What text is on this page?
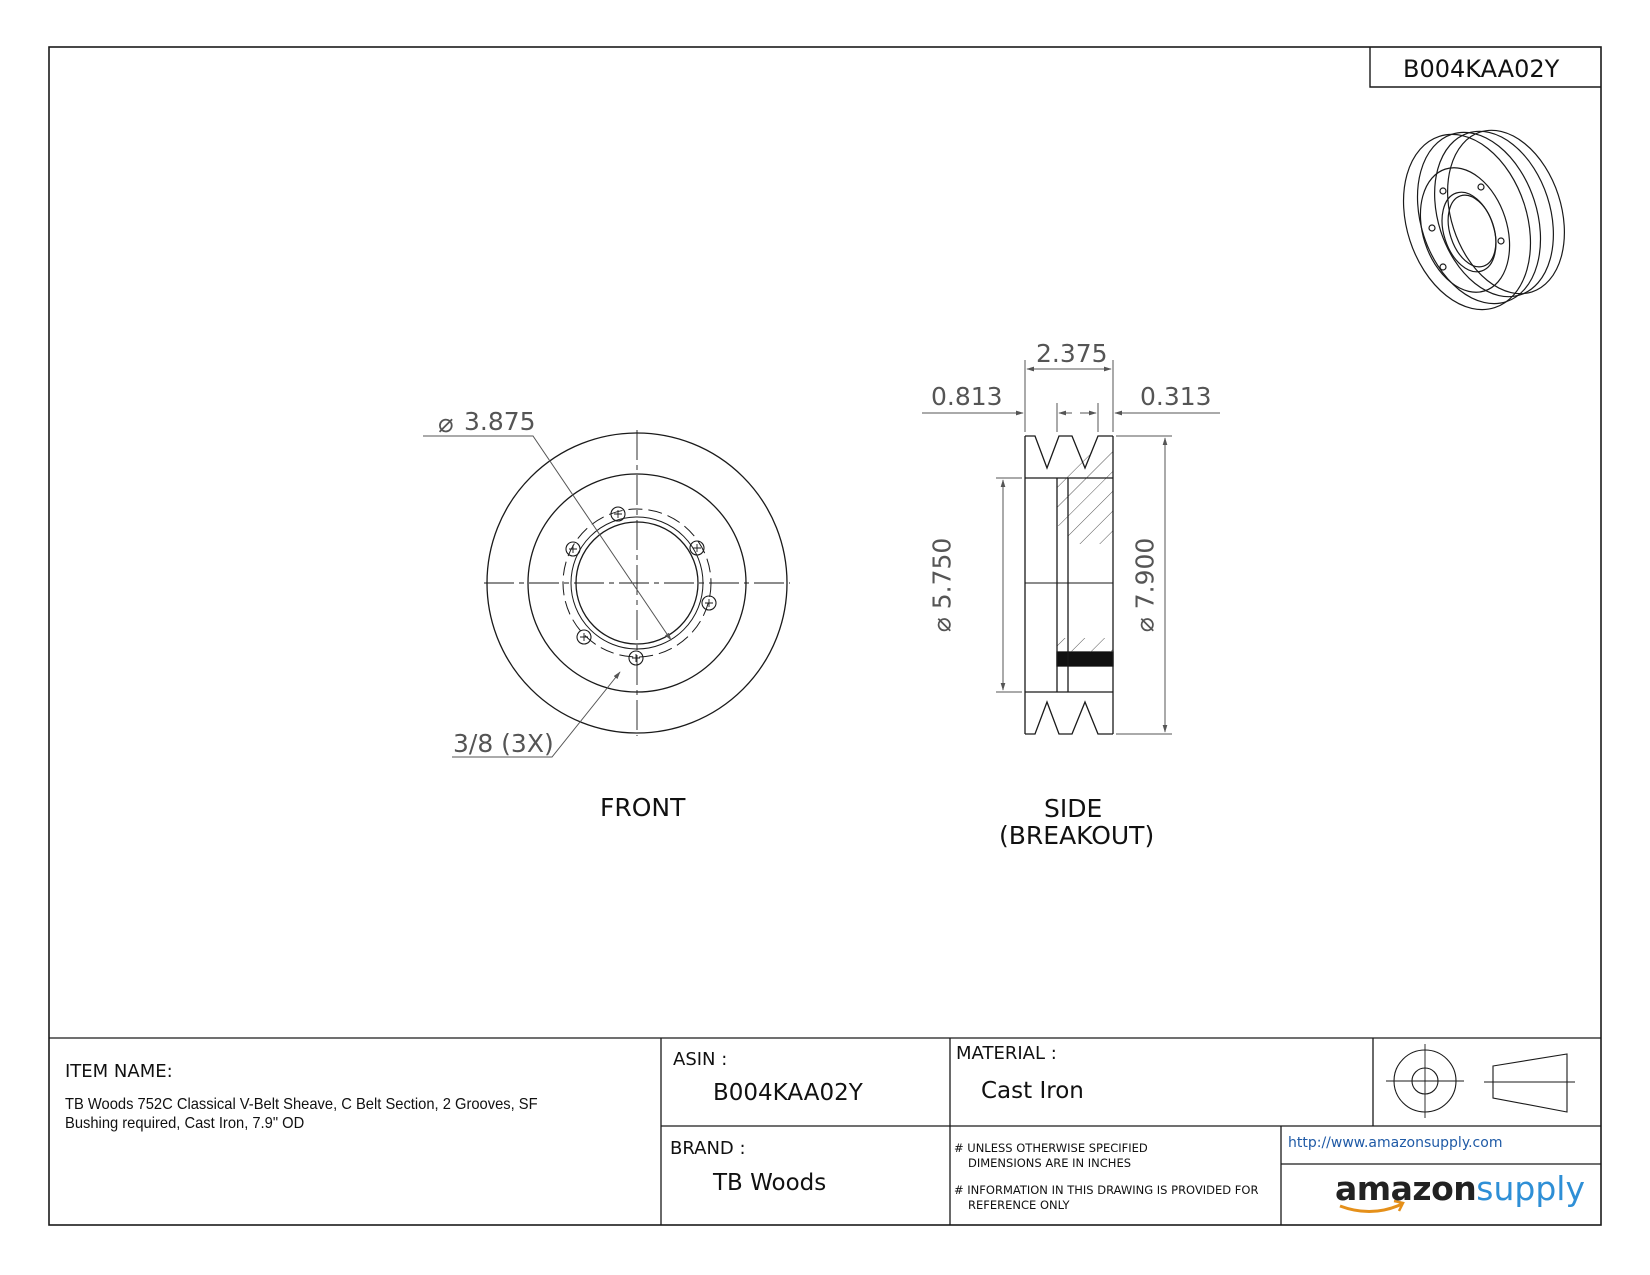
⌀
B004KAA02Y
3.875
3/8 (3X)
2.375
0.813	0.313
⌀ 5.750
⌀ 7.900
FRONT	SIDE
(BREAKOUT)
ITEM NAME:
TB Woods 752C Classical V-Belt Sheave, C Belt Section, 2 Grooves, SF Bushing required, Cast Iron, 7.9" OD
ASIN :
B004KAA02Y
MATERIAL :
Cast Iron
BRAND :
TB Woods
# UNLESS OTHERWISE SPECIFIED
DIMENSIONS ARE IN INCHES
# INFORMATION IN THIS DRAWING IS PROVIDED FOR
REFERENCE ONLY
http://www.amazonsupply.com
amazonsupply
